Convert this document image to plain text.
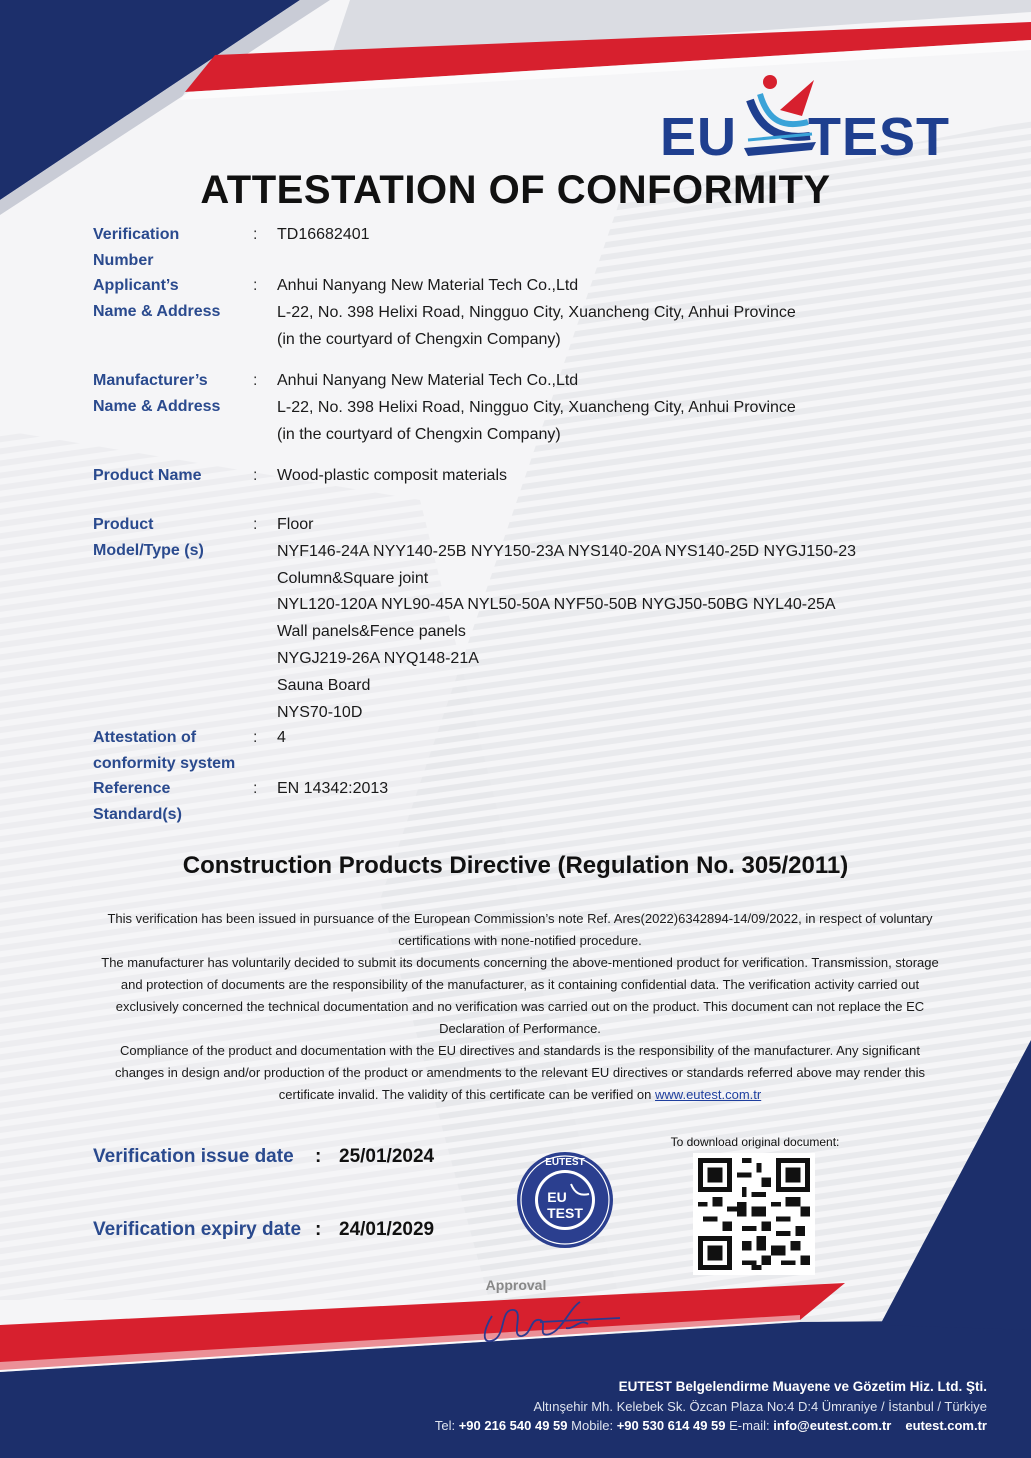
EU TEST
ATTESTATION OF CONFORMITY
Verification
Number
: TD16682401
Applicant’s
Name & Address
: Anhui Nanyang New Material Tech Co.,Ltd
L-22, No. 398 Helixi Road, Ningguo City, Xuancheng City, Anhui Province
(in the courtyard of Chengxin Company)
Manufacturer’s
Name & Address
: Anhui Nanyang New Material Tech Co.,Ltd
L-22, No. 398 Helixi Road, Ningguo City, Xuancheng City, Anhui Province
(in the courtyard of Chengxin Company)
Product Name	: Wood-plastic composit materials
Product
Model/Type (s)
: Floor
NYF146-24A NYY140-25B NYY150-23A NYS140-20A NYS140-25D NYGJ150-23
Column&Square joint
NYL120-120A NYL90-45A NYL50-50A NYF50-50B NYGJ50-50BG NYL40-25A
Wall panels&Fence panels
NYGJ219-26A NYQ148-21A
Sauna Board
NYS70-10D
Attestation of
conformity system
: 4
Reference
Standard(s)
: EN 14342:2013
Construction Products Directive (Regulation No. 305/2011)
This verification has been issued in pursuance of the European Commission’s note Ref. Ares(2022)6342894-14/09/2022, in respect of voluntary certifications with none-notified procedure.
The manufacturer has voluntarily decided to submit its documents concerning the above-mentioned product for verification. Transmission, storage and protection of documents are the responsibility of the manufacturer, as it containing confidential data. The verification activity carried out exclusively concerned the technical documentation and no verification was carried out on the product. This document can not replace the EC Declaration of Performance.
Compliance of the product and documentation with the EU directives and standards is the responsibility of the manufacturer. Any significant changes in design and/or production of the product or amendments to the relevant EU directives or standards referred above may render this certificate invalid. The validity of this certificate can be verified on www.eutest.com.tr
Verification issue date : 25/01/2024
Verification expiry date : 24/01/2029
EUTEST
EU
TEST
To download original document:
Approval
EUTEST Belgelendirme Muayene ve Gözetim Hiz. Ltd. Şti.
Altınşehir Mh. Kelebek Sk. Özcan Plaza No:4 D:4 Ümraniye / İstanbul / Türkiye
Tel: +90 216 540 49 59 Mobile: +90 530 614 49 59 E-mail: info@eutest.com.tr eutest.com.tr
